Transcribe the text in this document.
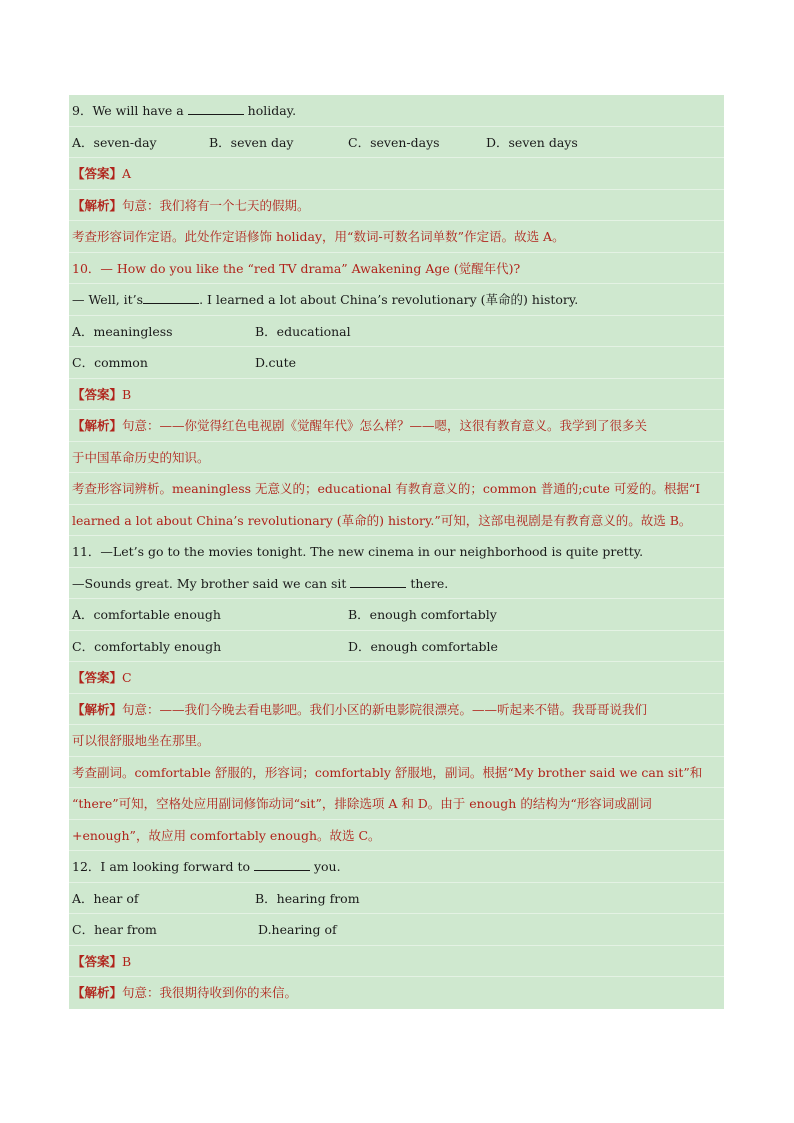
9．We will have a	holiday.
A．seven-day	B．seven day	C．seven-days	D．seven days
【答案】A
【解析】句意：我们将有一个七天的假期。
考查形容词作定语。此处作定语修饰 holiday，用“数词-可数名词单数”作定语。故选 A。
10．— How do you like the “red TV drama” Awakening Age (觉醒年代)?
— Well, it’s	. I learned a lot about China’s revolutionary (革命的) history.
A．meaningless	B．educational
C．common	D.cute
【答案】B
【解析】句意：——你觉得红色电视剧《觉醒年代》怎么样？——嗯，这很有教育意义。我学到了很多关
于中国革命历史的知识。
考查形容词辨析。meaningless 无意义的；educational 有教育意义的；common 普通的;cute 可爱的。根据“I
learned a lot about China’s revolutionary (革命的) history.”可知，这部电视剧是有教育意义的。故选 B。
11．—Let’s go to the movies tonight. The new cinema in our neighborhood is quite pretty.
—Sounds great. My brother said we can sit	there.
A．comfortable enough	B．enough comfortably
C．comfortably enough	D．enough comfortable
【答案】C
【解析】句意：——我们今晚去看电影吧。我们小区的新电影院很漂亮。——听起来不错。我哥哥说我们
可以很舒服地坐在那里。
考查副词。comfortable 舒服的，形容词；comfortably 舒服地，副词。根据“My brother said we can sit”和
“there”可知，空格处应用副词修饰动词“sit”，排除选项 A 和 D。由于 enough 的结构为“形容词或副词
+enough”，故应用 comfortably enough。故选 C。
12．I am looking forward to	you.
A．hear of	B．hearing from
C．hear from	D.hearing of
【答案】B
【解析】句意：我很期待收到你的来信。
